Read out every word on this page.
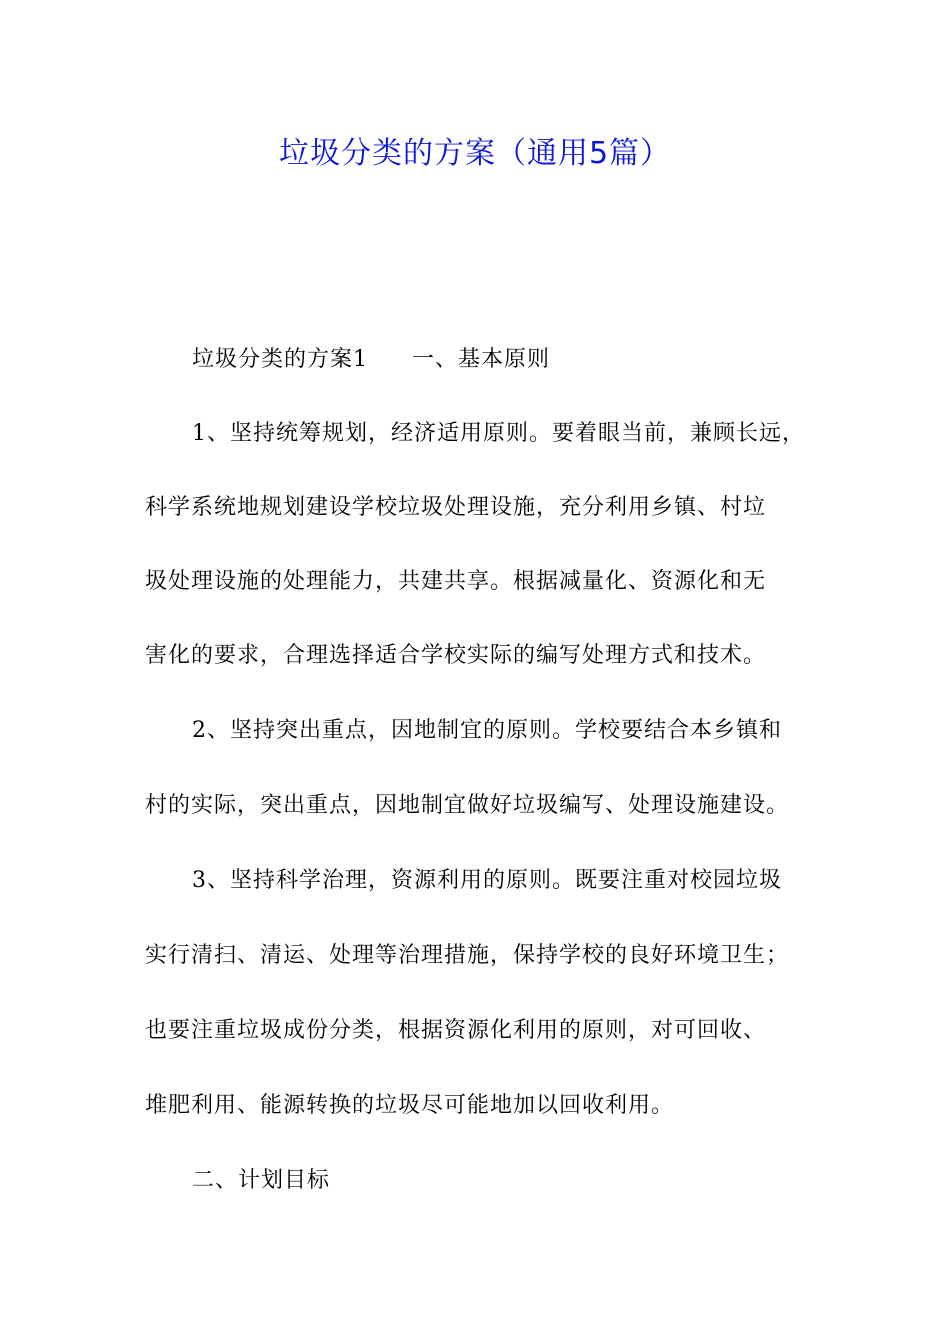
垃圾分类的方案（通用5篇）
垃圾分类的方案1 一、基本原则
1、坚持统筹规划，经济适用原则。要着眼当前，兼顾长远，
科学系统地规划建设学校垃圾处理设施，充分利用乡镇、村垃
圾处理设施的处理能力，共建共享。根据减量化、资源化和无
害化的要求，合理选择适合学校实际的编写处理方式和技术。
2、坚持突出重点，因地制宜的原则。学校要结合本乡镇和
村的实际，突出重点，因地制宜做好垃圾编写、处理设施建设。
3、坚持科学治理，资源利用的原则。既要注重对校园垃圾
实行清扫、清运、处理等治理措施，保持学校的良好环境卫生；
也要注重垃圾成份分类，根据资源化利用的原则，对可回收、
堆肥利用、能源转换的垃圾尽可能地加以回收利用。
二、计划目标
